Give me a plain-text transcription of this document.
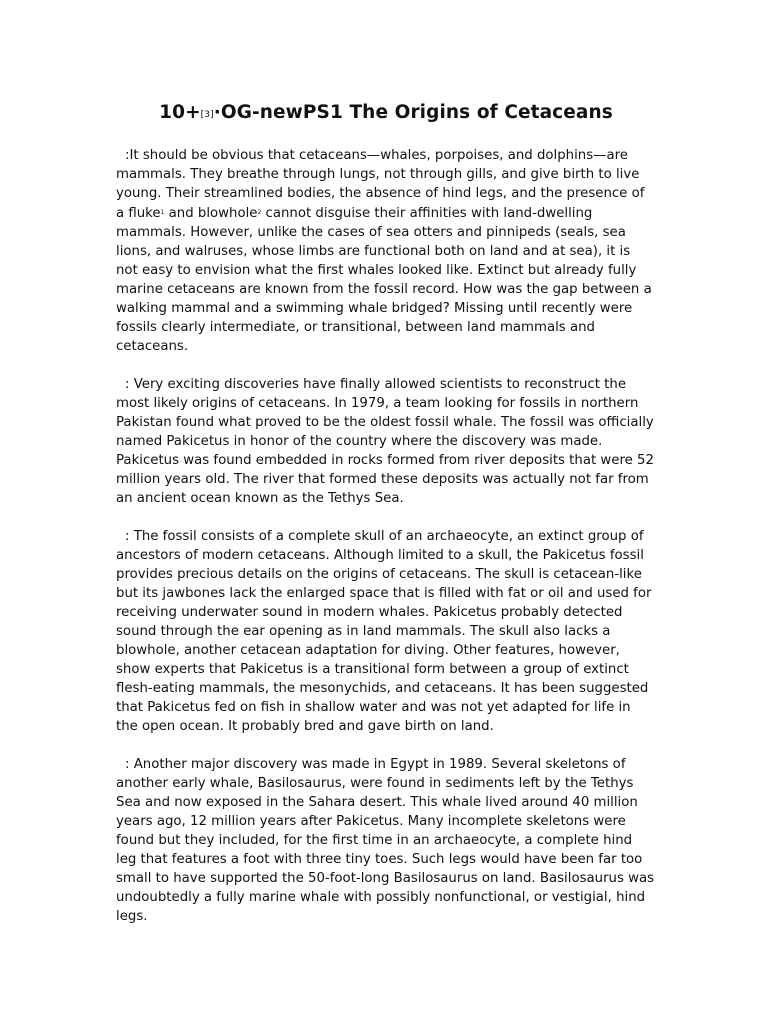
10+[3]·OG-newPS1 The Origins of Cetaceans

:It should be obvious that cetaceans—whales, porpoises, and dolphins—are mammals. They breathe through lungs, not through gills, and give birth to live young. Their streamlined bodies, the absence of hind legs, and the presence of a fluke$^1$ and blowhole$^2$ cannot disguise their affinities with land-dwelling mammals. However, unlike the cases of sea otters and pinnipeds (seals, sea lions, and walruses, whose limbs are functional both on land and at sea), it is not easy to envision what the first whales looked like. Extinct but already fully marine cetaceans are known from the fossil record. How was the gap between a walking mammal and a swimming whale bridged? Missing until recently were fossils clearly intermediate, or transitional, between land mammals and cetaceans.

: Very exciting discoveries have finally allowed scientists to reconstruct the most likely origins of cetaceans. In 1979, a team looking for fossils in northern Pakistan found what proved to be the oldest fossil whale. The fossil was officially named Pakicetus in honor of the country where the discovery was made. Pakicetus was found embedded in rocks formed from river deposits that were 52 million years old. The river that formed these deposits was actually not far from an ancient ocean known as the Tethys Sea.

: The fossil consists of a complete skull of an archaeocyte, an extinct group of ancestors of modern cetaceans. Although limited to a skull, the Pakicetus fossil provides precious details on the origins of cetaceans. The skull is cetacean-like but its jawbones lack the enlarged space that is filled with fat or oil and used for receiving underwater sound in modern whales. Pakicetus probably detected sound through the ear opening as in land mammals. The skull also lacks a blowhole, another cetacean adaptation for diving. Other features, however, show experts that Pakicetus is a transitional form between a group of extinct flesh-eating mammals, the mesonychids, and cetaceans. It has been suggested that Pakicetus fed on fish in shallow water and was not yet adapted for life in the open ocean. It probably bred and gave birth on land.

: Another major discovery was made in Egypt in 1989. Several skeletons of another early whale, Basilosaurus, were found in sediments left by the Tethys Sea and now exposed in the Sahara desert. This whale lived around 40 million years ago, 12 million years after Pakicetus. Many incomplete skeletons were found but they included, for the first time in an archaeocyte, a complete hind leg that features a foot with three tiny toes. Such legs would have been far too small to have supported the 50-foot-long Basilosaurus on land. Basilosaurus was undoubtedly a fully marine whale with possibly nonfunctional, or vestigial, hind legs.
